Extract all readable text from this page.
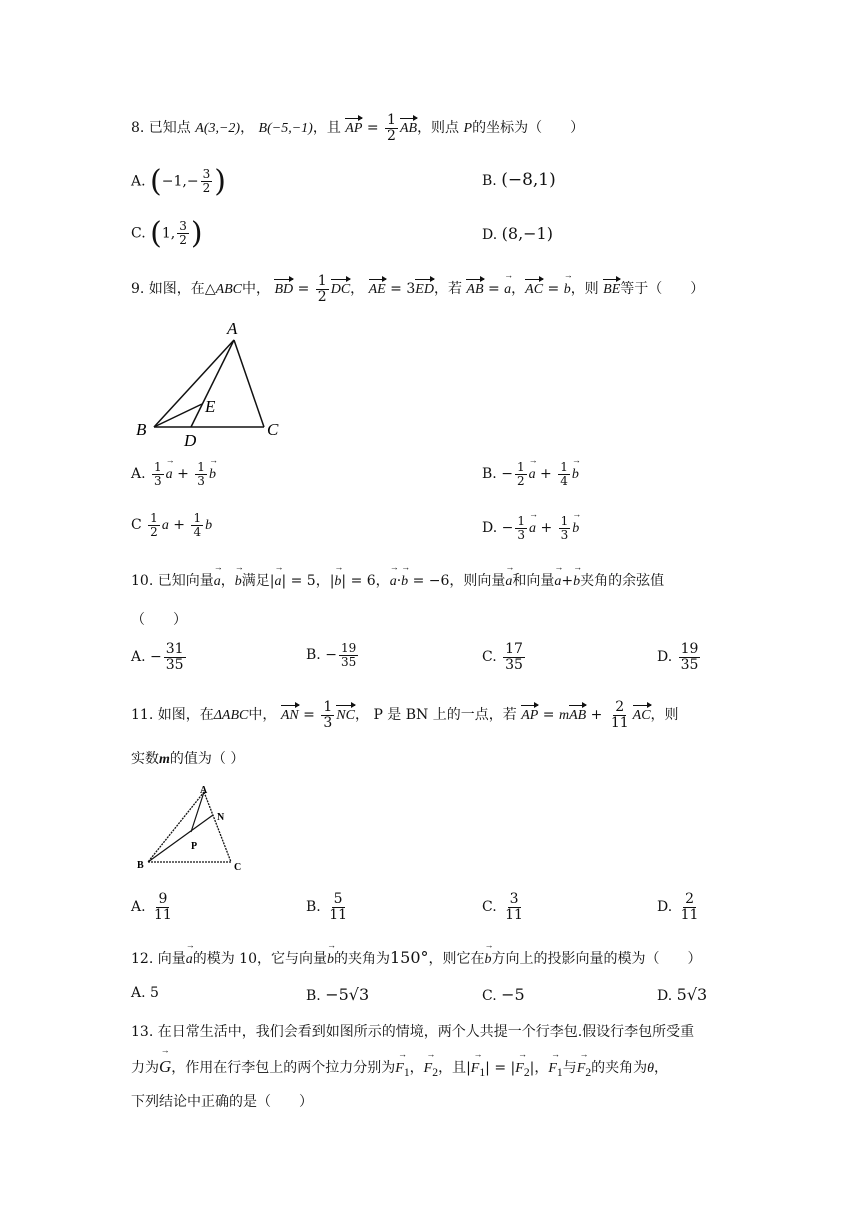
8. 已知点 A(3,−2)， B(−5,−1)，且 AP
= $\frac{1}{2}$ AB
，则点 P的坐标为（　　）
A. ($-1,- \frac{3}{2}$ )	B. (−8,1)
C. (1, $\frac{3}{2}$ )	D. (8,−1)
9. 如图，在△ABC中， BD
= $\frac{1}{2}$ DC
， AE
= 3ED
，若 AB
= → a，AC
= → b，则 BE
等于（　　）
A
B	C
D
E
A. $\frac{1}{3}$
→ $a + \frac{1}{3}$
→ b	B. − $\frac{1}{2}$
→ $a + \frac{1}{4}$
→ b
C $\frac{1}{2}$ $a + \frac{1}{4}$ b	D. − $\frac{1}{3}$
→ $a + \frac{1}{3}$
→ b
10. 已知向量→ a，→ b满足|→ a| = 5，|→ b| = 6，→ a·→ b = −6，则向量→ a和向量→ a+→ b夹角的余弦值
（　　）
A. − $\frac{31}{35}$	B. − $\frac{19}{35}$	C. $\frac{17}{35}$	D. $\frac{19}{35}$
11. 如图，在ΔABC中， AN
= $\frac{1}{3}$ NC
， P 是 BN 上的一点，若 AP
= mAB
+ $\frac{2}{11}$ AC
，则
实数m的值为（ ）
A
N
P
B	C
A. $\frac{9}{11}$	B. $\frac{5}{11}$	C. $\frac{3}{11}$	D. $\frac{2}{11}$
12. 向量→ a的模为 10，它与向量→ b的夹角为150°，则它在→ b方向上的投影向量的模为（　　）
A. 5	B. −5√3	C. −5	D. 5√3
13. 在日常生活中，我们会看到如图所示的情境，两个人共提一个行李包.假设行李包所受重
力为→ G，作用在行李包上的两个拉力分别为→ $F_1$，→ $F_2$，且|→ $F_1|$ = |→ $F_2|$，→ $F_1$与→ $F_2$的夹角为θ，
下列结论中正确的是（　　）
